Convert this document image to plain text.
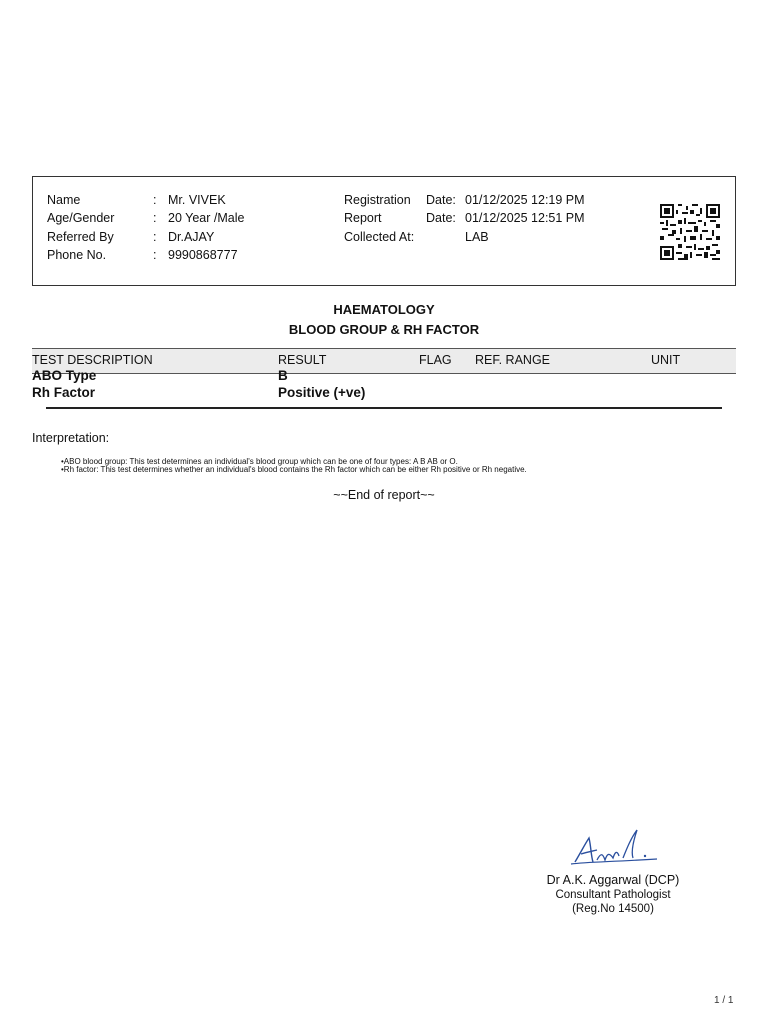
Name	: Mr. VIVEK	Registration Date: 01/12/2025 12:19 PM
Age/Gender	: 20 Year /Male	Report	Date: 01/12/2025 12:51 PM
Referred By	: Dr.AJAY	Collected At:	LAB
Phone No.	: 9990868777
HAEMATOLOGY
BLOOD GROUP & RH FACTOR
TEST DESCRIPTION	RESULT	FLAG REF. RANGE	UNIT
ABO Type	B
Rh Factor	Positive (+ve)
Interpretation:
•ABO blood group: This test determines an individual's blood group which can be one of four types: A B AB or O.
•Rh factor: This test determines whether an individual's blood contains the Rh factor which can be either Rh positive or Rh negative.
~~End of report~~
Dr A.K. Aggarwal (DCP)
Consultant Pathologist
(Reg.No 14500)
1 / 1
